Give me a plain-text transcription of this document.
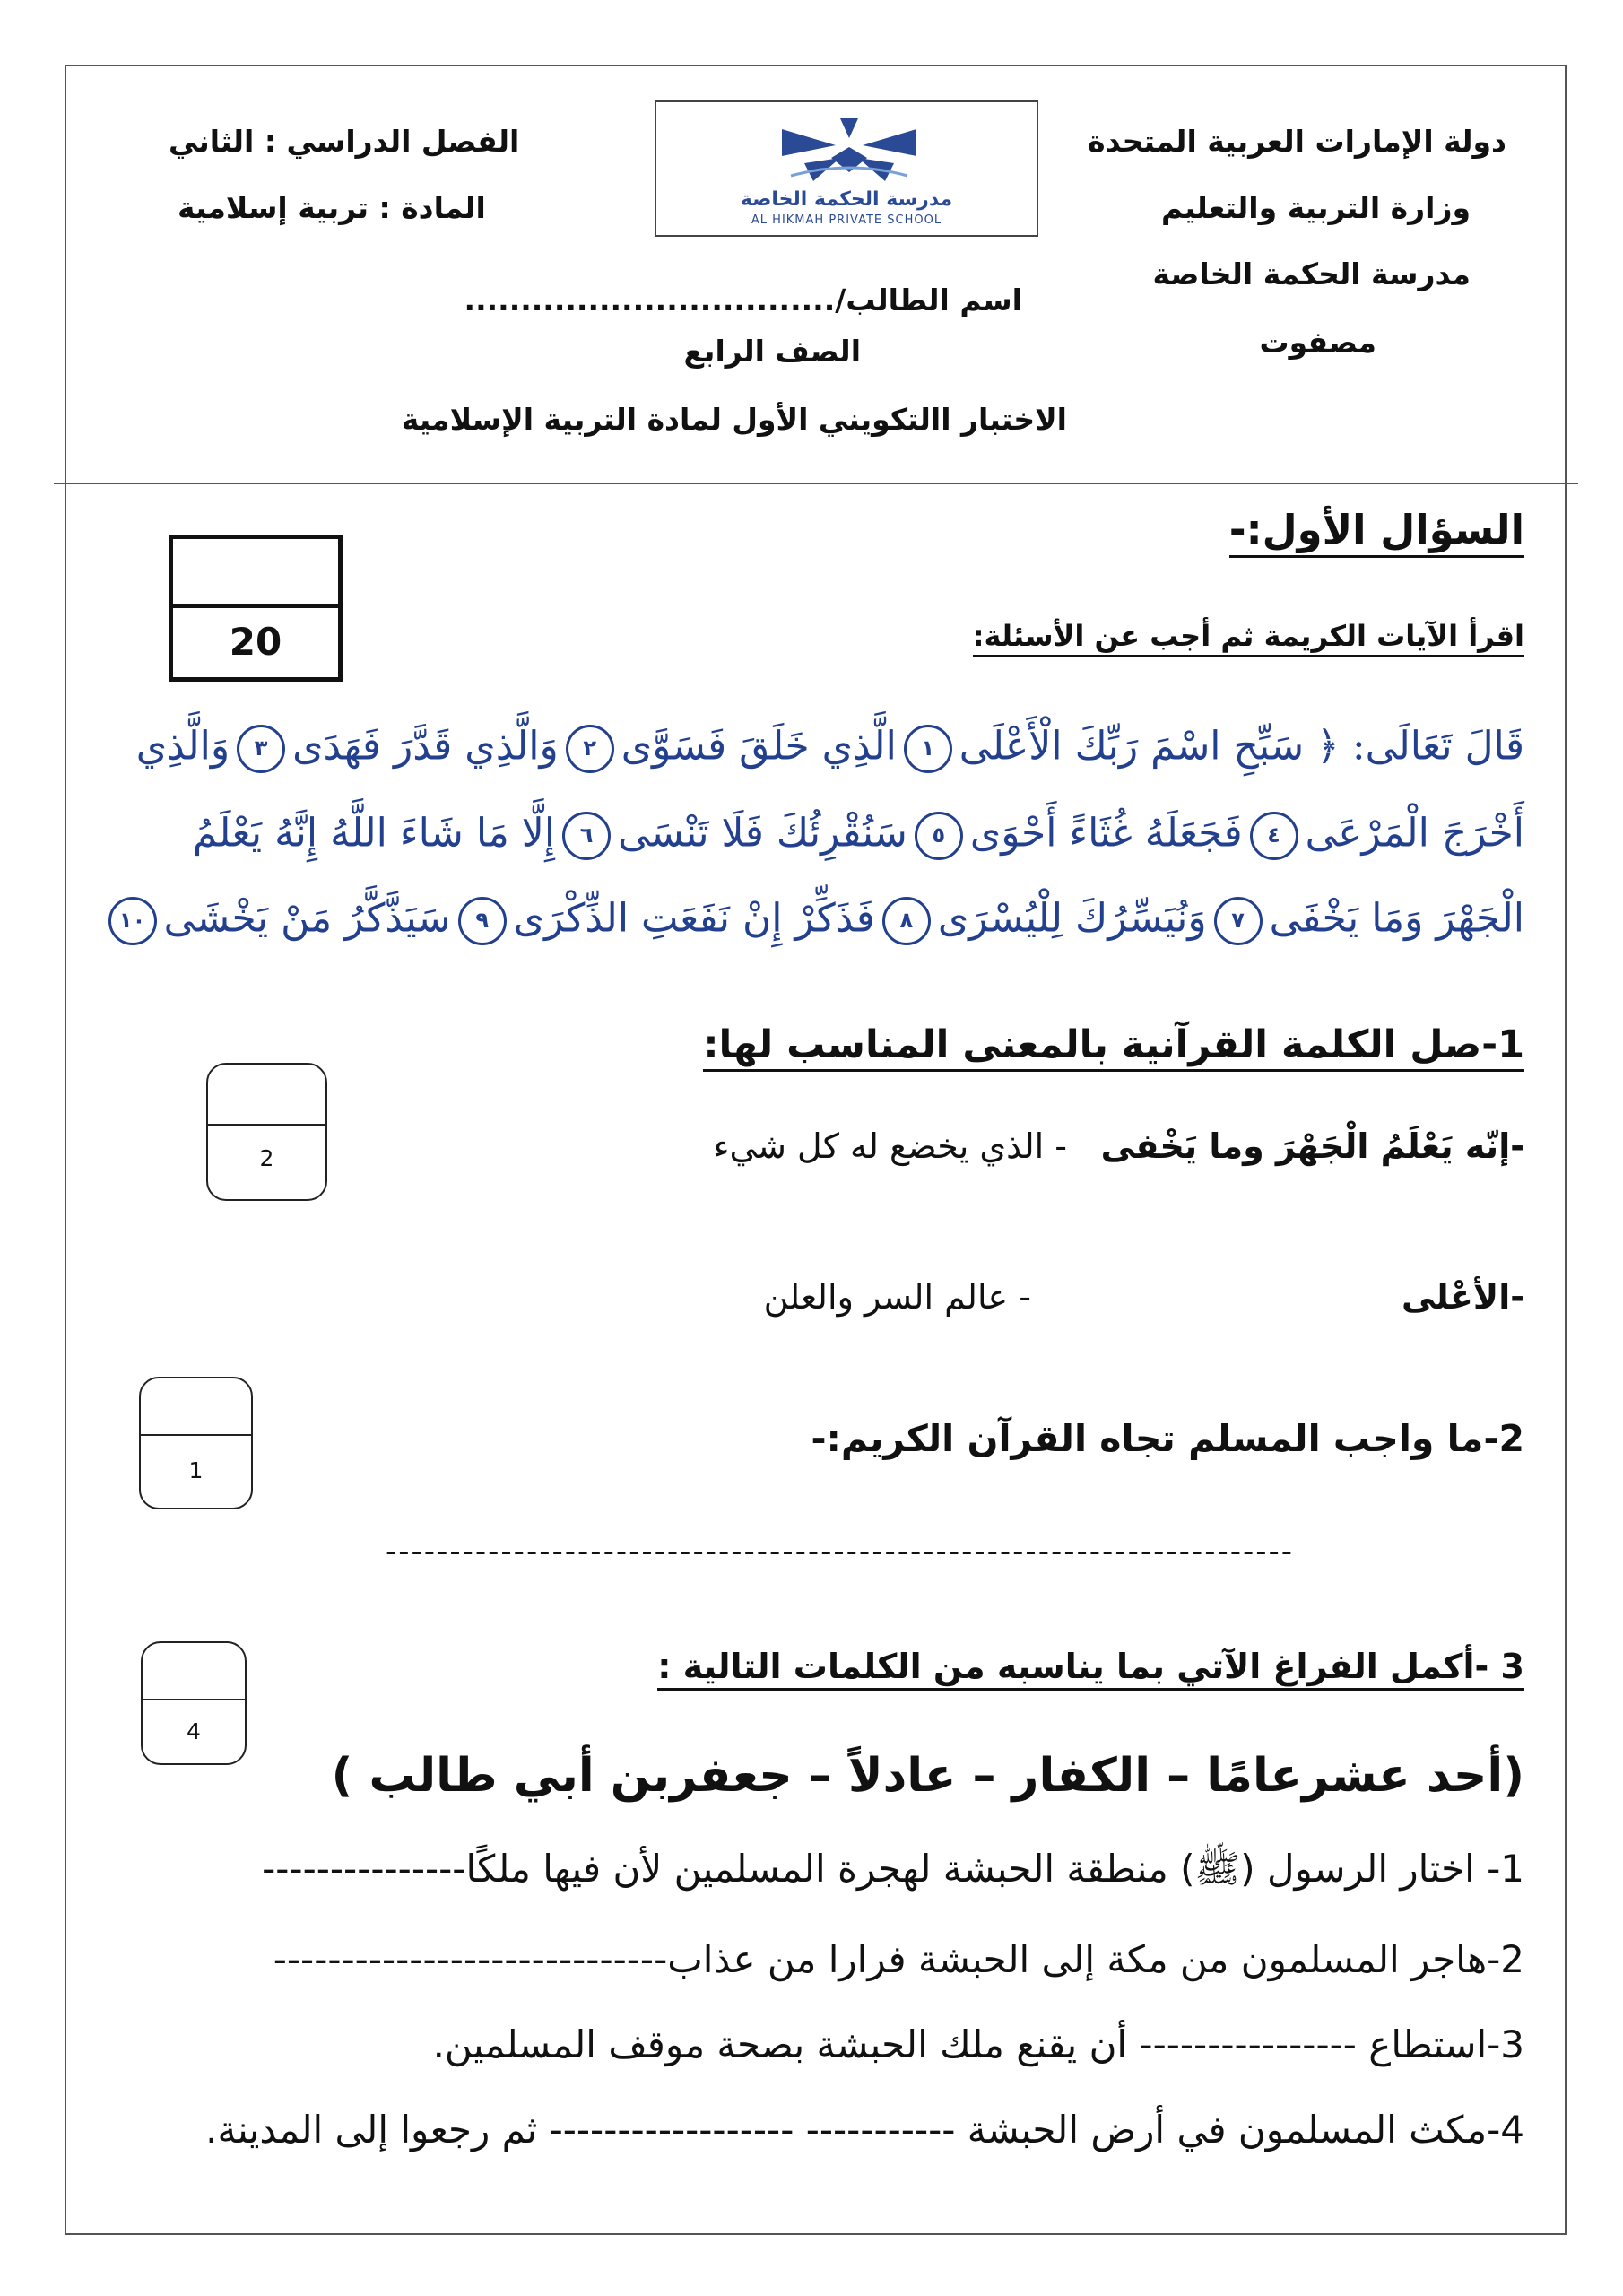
دولة الإمارات العربية المتحدة
وزارة التربية والتعليم
مدرسة الحكمة الخاصة
مصفوت
الفصل الدراسي : الثاني
المادة : تربية إسلامية	مدرسة الحكمة الخاصة
AL HIKMAH PRIVATE SCHOOL
اسم الطالب/.................................
الصف الرابع
الاختبار االتكويني الأول لمادة التربية الإسلامية
السؤال الأول:-
اقرأ الآيات الكريمة ثم أجب عن الأسئلة:
20
قَالَ تَعَالَى: ﴿ سَبِّحِ اسْمَ رَبِّكَ الْأَعْلَى١الَّذِي خَلَقَ فَسَوَّى٢وَالَّذِي قَدَّرَ فَهَدَى٣وَالَّذِي
أَخْرَجَ الْمَرْعَى٤فَجَعَلَهُ غُثَاءً أَحْوَى٥سَنُقْرِئُكَ فَلَا تَنْسَى٦إِلَّا مَا شَاءَ اللَّهُ إِنَّهُ يَعْلَمُ
الْجَهْرَ وَمَا يَخْفَى٧وَنُيَسِّرُكَ لِلْيُسْرَى٨فَذَكِّرْ إِنْ نَفَعَتِ الذِّكْرَى٩سَيَذَّكَّرُ مَنْ يَخْشَى١٠
1-صل الكلمة القرآنية بالمعنى المناسب لها:
2	-إنّه يَعْلَمُ الْجَهْرَ وما يَخْفى
- الذي يخضع له كل شيء
-الأعْلى
- عالم السر والعلن
1
2-ما واجب المسلم تجاه القرآن الكريم:-
-----------------------------------------------------------------------
4
3 -أكمل الفراغ الآتي بما يناسبه من الكلمات التالية :
(أحد عشرعامًا – الكفار – عادلاً – جعفربن أبي طالب )
1- اختار الرسول (ﷺ) منطقة الحبشة لهجرة المسلمين لأن فيها ملكًا---------------
2-هاجر المسلمون من مكة إلى الحبشة فرارا من عذاب-----------------------------
3-استطاع ---------------- أن يقنع ملك الحبشة بصحة موقف المسلمين.
4-مكث المسلمون في أرض الحبشة ----------- ------------------ ثم رجعوا إلى المدينة.
